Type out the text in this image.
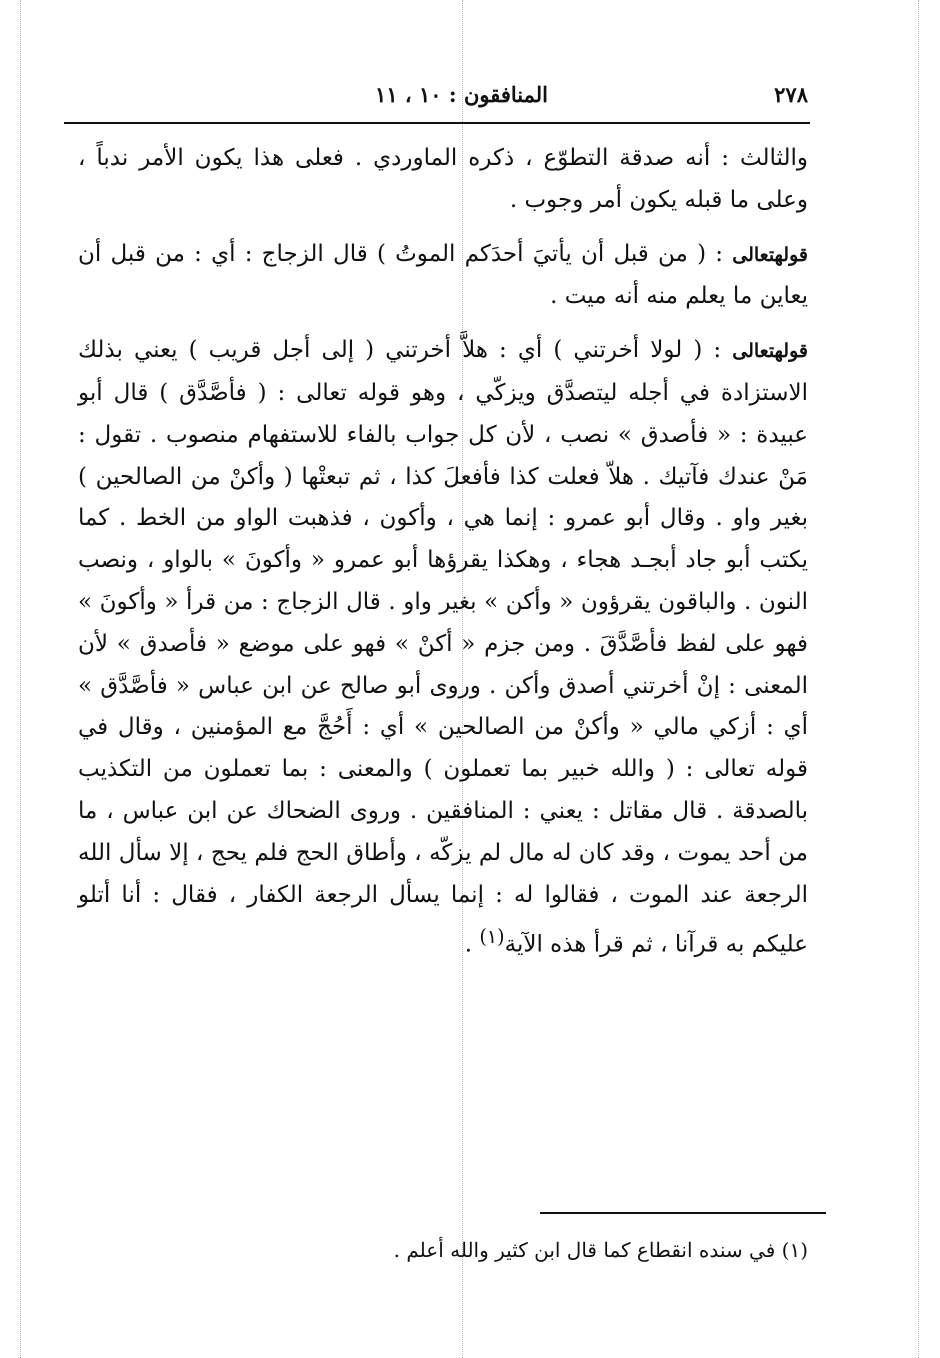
٢٧٨
المنافقون : ١٠ ، ١١

والثالث : أنه صدقة التطوّع ، ذكره الماوردي . فعلى هذا يكون الأمر ندباً ، وعلى ما قبله يكون أمر وجوب .

قولهتعالى : ( من قبل أن يأتيَ أحدَكم الموتُ ) قال الزجاج : أي : من قبل أن يعاين ما يعلم منه أنه ميت .

قولهتعالى : ( لولا أخرتني ) أي : هلاَّ أخرتني ( إلى أجل قريب ) يعني بذلك الاستزادة في أجله ليتصدَّق ويزكّي ، وهو قوله تعالى : ( فأصَّدَّق ) قال أبو عبيدة : « فأصدق » نصب ، لأن كل جواب بالفاء للاستفهام منصوب . تقول : مَنْ عندك فآتيك . هلاّ فعلت كذا فأفعلَ كذا ، ثم تبعتْها ( وأكنْ من الصالحين ) بغير واو . وقال أبو عمرو : إنما هي ، وأكون ، فذهبت الواو من الخط . كما يكتب أبو جاد أبجـد هجاء ، وهكذا يقرؤها أبو عمرو « وأكونَ » بالواو ، ونصب النون . والباقون يقرؤون « وأكن » بغير واو . قال الزجاج : من قرأ « وأكونَ » فهو على لفظ فأصَّدَّقَ . ومن جزم « أكنْ » فهو على موضع « فأصدق » لأن المعنى : إنْ أخرتني أصدق وأكن . وروى أبو صالح عن ابن عباس « فأصَّدَّق » أي : أزكي مالي « وأكنْ من الصالحين » أي : أَحُجَّ مع المؤمنين ، وقال في قوله تعالى : ( والله خبير بما تعملون ) والمعنى : بما تعملون من التكذيب بالصدقة . قال مقاتل : يعني : المنافقين . وروى الضحاك عن ابن عباس ، ما من أحد يموت ، وقد كان له مال لم يزكّه ، وأطاق الحج فلم يحج ، إلا سأل الله الرجعة عند الموت ، فقالوا له : إنما يسأل الرجعة الكفار ، فقال : أنا أتلو عليكم به قرآنا ، ثم قرأ هذه الآية$^{(١)}$ .

(١) في سنده انقطاع كما قال ابن كثير والله أعلم .
